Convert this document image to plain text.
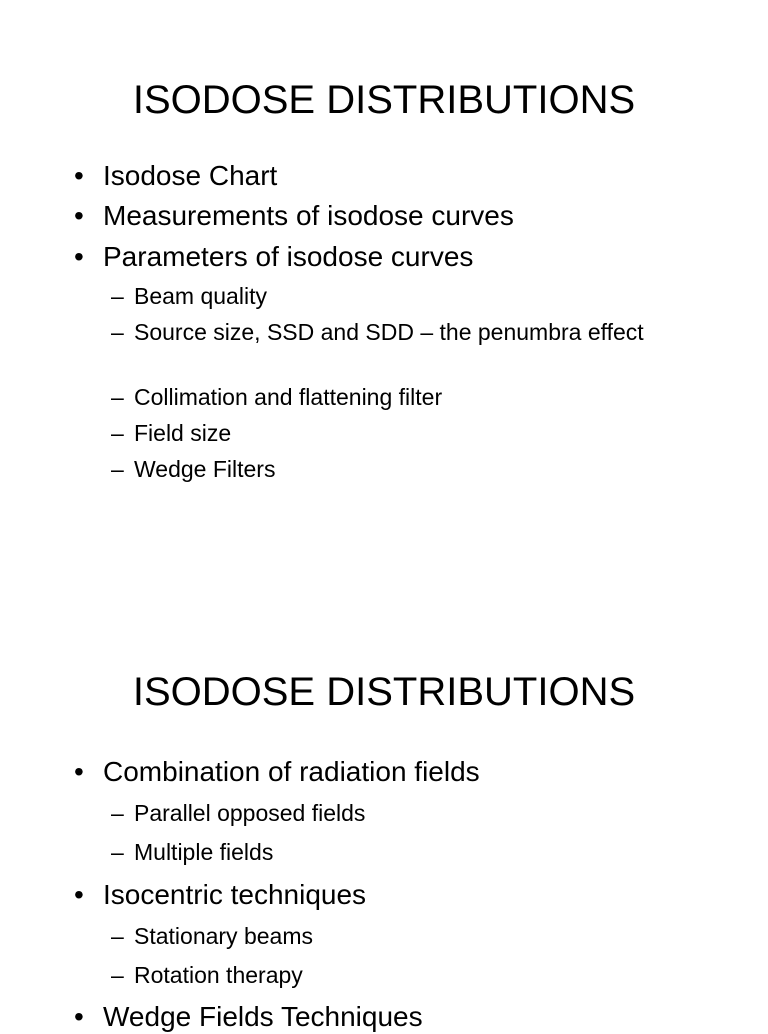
ISODOSE DISTRIBUTIONS
• Isodose Chart
• Measurements of isodose curves
• Parameters of isodose curves
– Beam quality
– Source size, SSD and SDD – the penumbra effect
– Collimation and flattening filter
– Field size
– Wedge Filters
ISODOSE DISTRIBUTIONS
• Combination of radiation fields
– Parallel opposed fields
– Multiple fields
• Isocentric techniques
– Stationary beams
– Rotation therapy
• Wedge Fields Techniques
